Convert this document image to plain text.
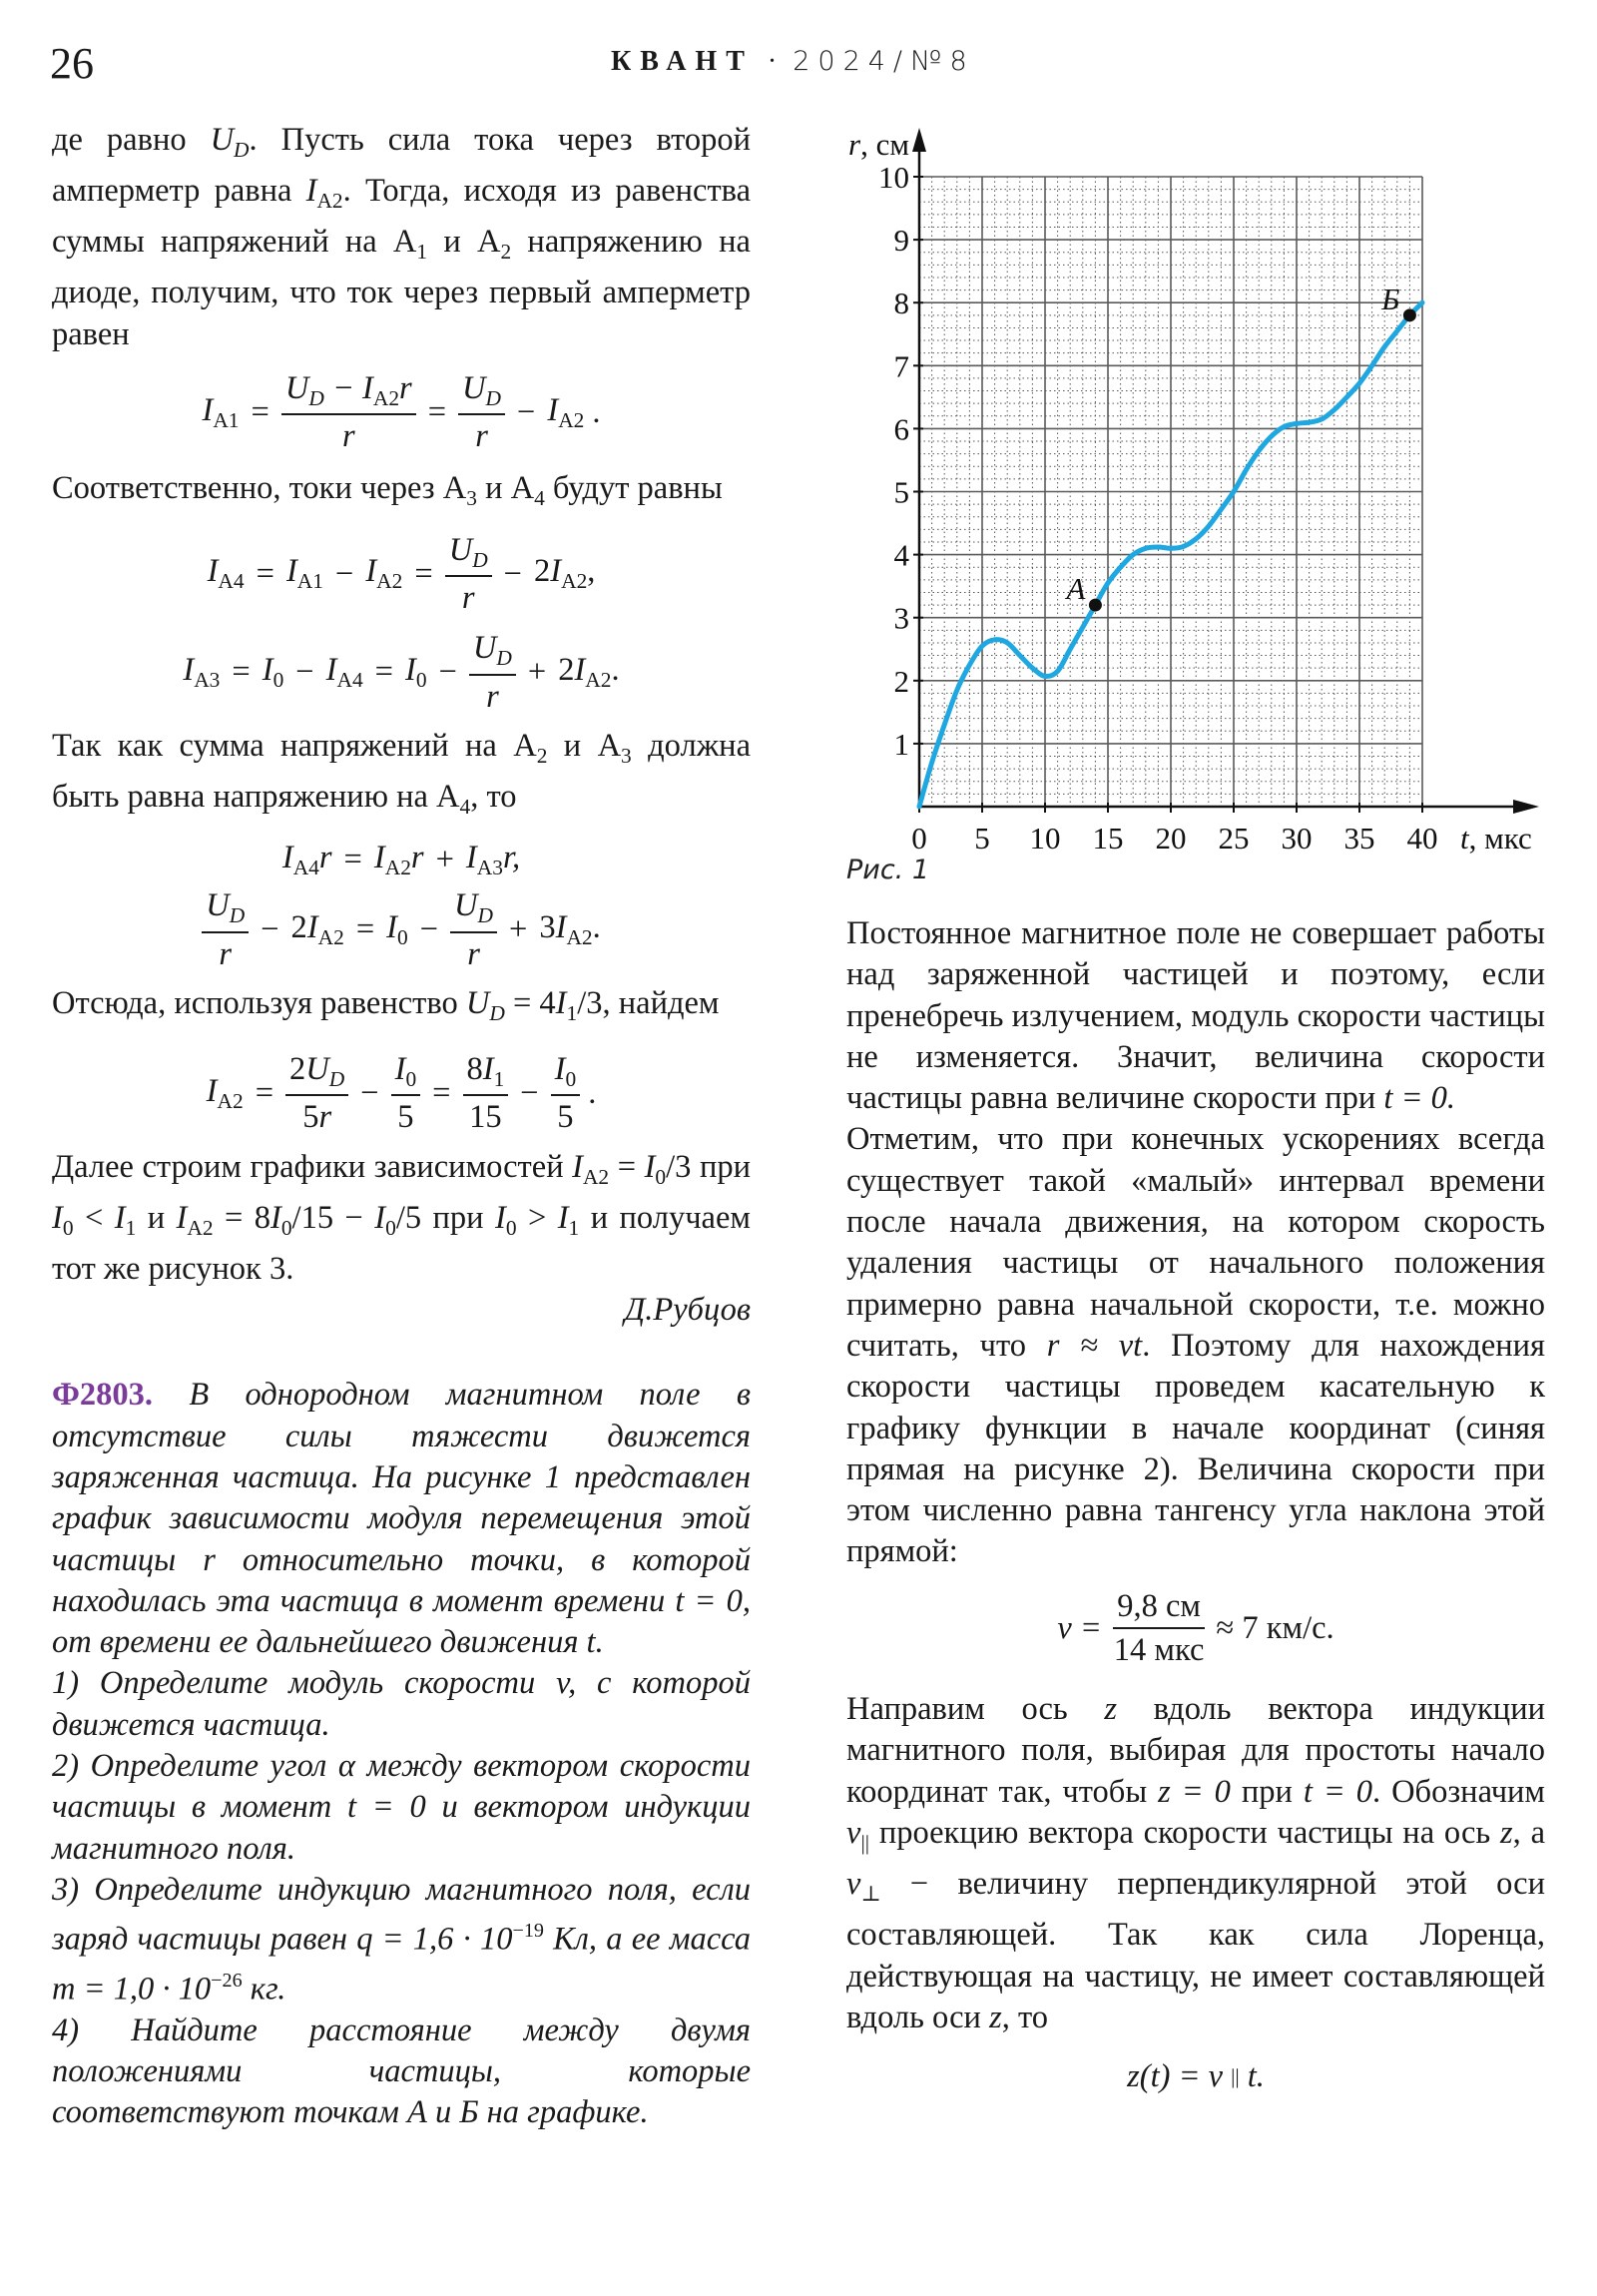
26	КВАНТ · 2024/№8

де равно $U_D$. Пусть сила тока через второй амперметр равна $I_{A2}$. Тогда, исходя из равенства суммы напряжений на $А_1$ и $А_2$ напряжению на диоде, получим, что ток через первый амперметр равен

$I_{A1} = \frac{U_D - I_{A2}r}{r} = \frac{U_D}{r} - I_{A2}$ .

Соответственно, токи через $А_3$ и $А_4$ будут равны

$I_{A4} = I_{A1} - I_{A2} = \frac{U_D}{r} - 2I_{A2}$,
$I_{A3} = I_0 - I_{A4} = I_0 - \frac{U_D}{r} + 2I_{A2}$.

Так как сумма напряжений на $А_2$ и $А_3$ должна быть равна напряжению на $А_4$, то

$I_{A4}r = I_{A2}r + I_{A3}r$,
$\frac{U_D}{r} - 2I_{A2} = I_0 - \frac{U_D}{r} + 3I_{A2}$.

Отсюда, используя равенство $U_D = 4I_1/3$, найдем

$I_{A2} = \frac{2U_D}{5r} - \frac{I_0}{5} = \frac{8I_1}{15} - \frac{I_0}{5}$ .

Далее строим графики зависимостей $I_{A2} = I_0/3$ при $I_0 < I_1$ и $I_{A2} = 8I_0/15 - I_0/5$ при $I_0 > I_1$ и получаем тот же рисунок 3.

Д.Рубцов

Ф2803. В однородном магнитном поле в отсутствие силы тяжести движется заряженная частица. На рисунке 1 представлен график зависимости модуля перемещения этой частицы r относительно точки, в которой находилась эта частица в момент времени t = 0, от времени ее дальнейшего движения t.

1) Определите модуль скорости v, с которой движется частица.

2) Определите угол α между вектором скорости частицы в момент t = 0 и вектором индукции магнитного поля.

3) Определите индукцию магнитного поля, если заряд частицы равен $q = 1,6 \cdot 10^{-19}$ Кл, а ее масса $m = 1,0 \cdot 10^{-26}$ кг.

4) Найдите расстояние между двумя положениями частицы, которые соответствуют точкам А и Б на графике.

1
2
3
4
5
6
7
8
9
10
0 5 10 15 20 25 30 35 40 t, мкс
r, см
А
Б
Рис. 1

Постоянное магнитное поле не совершает работы над заряженной частицей и поэтому, если пренебречь излучением, модуль скорости частицы не изменяется. Значит, величина скорости частицы равна величине скорости при t = 0.

Отметим, что при конечных ускорениях всегда существует такой «малый» интервал времени после начала движения, на котором скорость удаления частицы от начального положения примерно равна начальной скорости, т.е. можно считать, что r ≈ vt. Поэтому для нахождения скорости частицы проведем касательную к графику функции в начале координат (синяя прямая на рисунке 2). Величина скорости при этом численно равна тангенсу угла наклона этой прямой:

$v = \frac{9,8 см}{\text{14 мкс}} \approx 7$ км/с.

Направим ось z вдоль вектора индукции магнитного поля, выбирая для простоты начало координат так, чтобы z = 0 при t = 0. Обозначим $v_{||}$ проекцию вектора скорости частицы на ось z, а $v_\perp$ − величину перпендикулярной этой оси составляющей. Так как сила Лоренца, действующая на частицу, не имеет составляющей вдоль оси z, то

z(t) = v || t.
